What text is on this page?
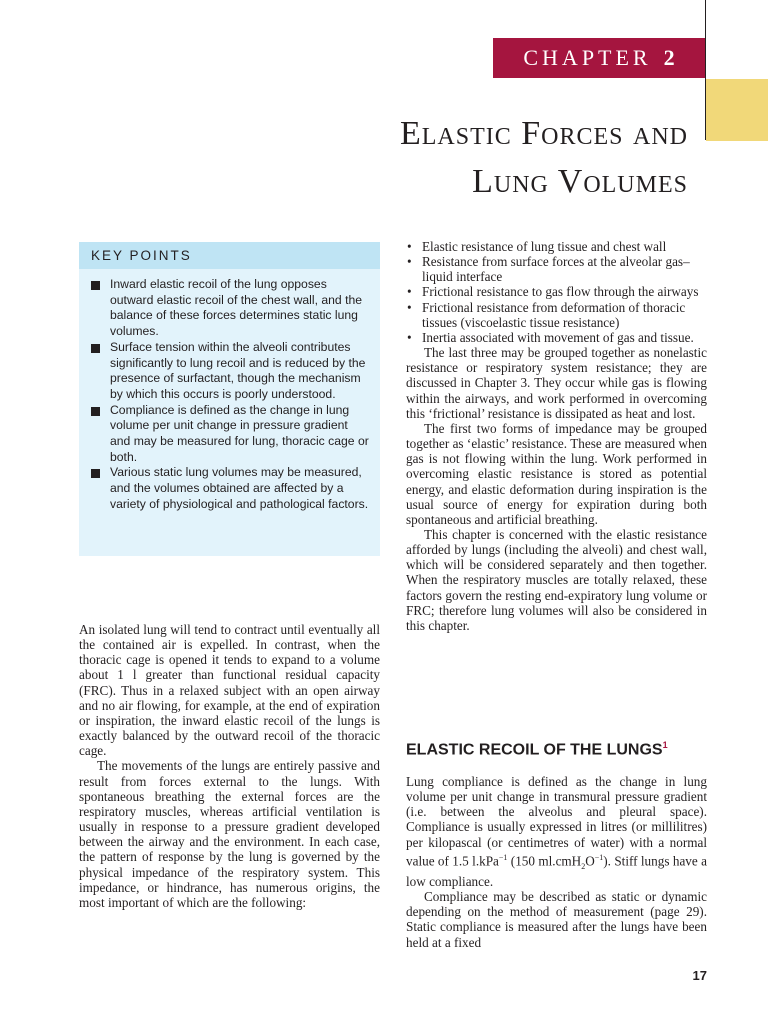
CHAPTER 2
Elastic Forces and
Lung Volumes
KEY POINTS
Inward elastic recoil of the lung opposes outward elastic recoil of the chest wall, and the balance of these forces determines static lung volumes.
Surface tension within the alveoli contributes significantly to lung recoil and is reduced by the presence of surfactant, though the mechanism by which this occurs is poorly understood.
Compliance is defined as the change in lung volume per unit change in pressure gradient and may be measured for lung, thoracic cage or both.
Various static lung volumes may be measured, and the volumes obtained are affected by a variety of physiological and pathological factors.

An isolated lung will tend to contract until eventually all the contained air is expelled. In contrast, when the thoracic cage is opened it tends to expand to a volume about 1 l greater than functional residual capacity (FRC). Thus in a relaxed subject with an open airway and no air flowing, for example, at the end of expiration or inspiration, the inward elastic recoil of the lungs is exactly balanced by the outward recoil of the thoracic cage.

The movements of the lungs are entirely passive and result from forces external to the lungs. With spontaneous breathing the external forces are the respiratory muscles, whereas artificial ventilation is usually in response to a pressure gradient developed between the airway and the environment. In each case, the pattern of response by the lung is governed by the physical impedance of the respiratory system. This impedance, or hindrance, has numerous origins, the most important of which are the following:

• Elastic resistance of lung tissue and chest wall
• Resistance from surface forces at the alveolar gas–liquid interface
• Frictional resistance to gas flow through the airways
• Frictional resistance from deformation of thoracic tissues (viscoelastic tissue resistance)
• Inertia associated with movement of gas and tissue.

The last three may be grouped together as nonelastic resistance or respiratory system resistance; they are discussed in Chapter 3. They occur while gas is flowing within the airways, and work performed in overcoming this ‘frictional’ resistance is dissipated as heat and lost.

The first two forms of impedance may be grouped together as ‘elastic’ resistance. These are measured when gas is not flowing within the lung. Work performed in overcoming elastic resistance is stored as potential energy, and elastic deformation during inspiration is the usual source of energy for expiration during both spontaneous and artificial breathing.

This chapter is concerned with the elastic resistance afforded by lungs (including the alveoli) and chest wall, which will be considered separately and then together. When the respiratory muscles are totally relaxed, these factors govern the resting end-expiratory lung volume or FRC; therefore lung volumes will also be considered in this chapter.

ELASTIC RECOIL OF THE LUNGS$^1$

Lung compliance is defined as the change in lung volume per unit change in transmural pressure gradient (i.e. between the alveolus and pleural space). Compliance is usually expressed in litres (or millilitres) per kilopascal (or centimetres of water) with a normal value of 1.5 l.kPa$^{-1}$ (150 $ml.cmH_2O^{-1}$). Stiff lungs have a low compliance.

Compliance may be described as static or dynamic depending on the method of measurement (page 29). Static compliance is measured after the lungs have been held at a fixed

17
